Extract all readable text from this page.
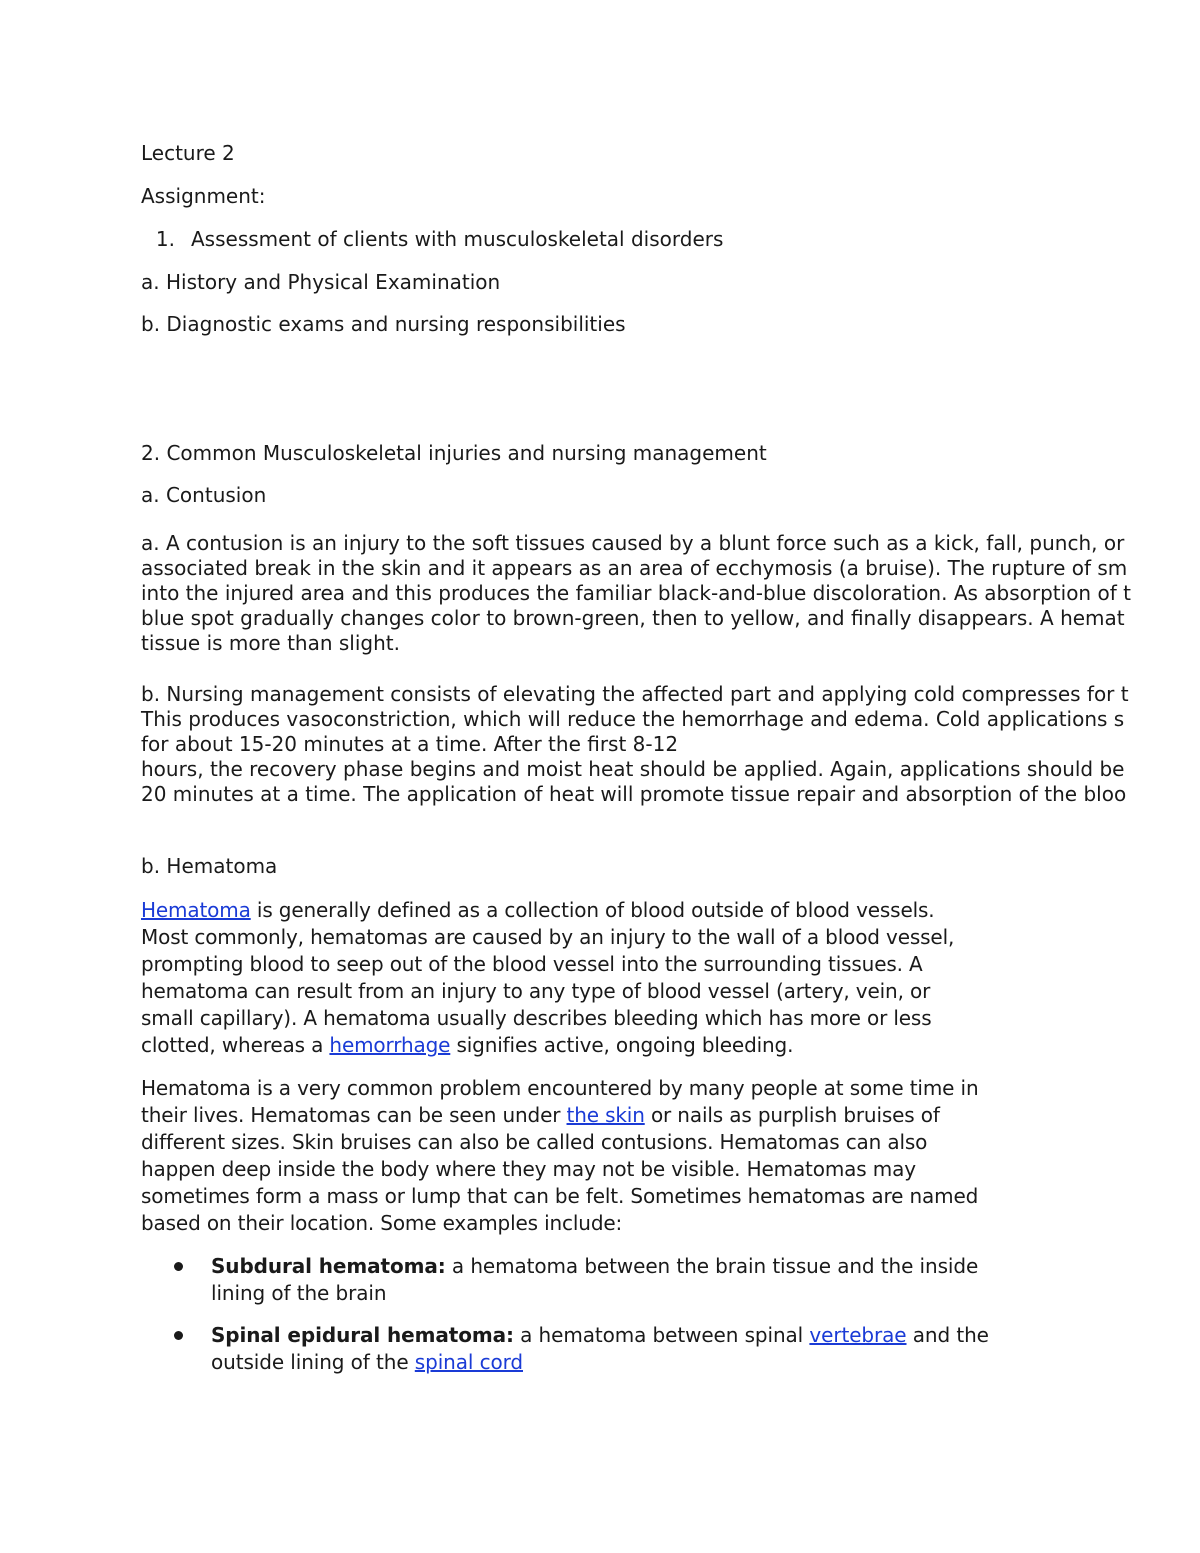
Lecture 2
Assignment:
1. Assessment of clients with musculoskeletal disorders
a. History and Physical Examination
b. Diagnostic exams and nursing responsibilities
2. Common Musculoskeletal injuries and nursing management
a. Contusion
a. A contusion is an injury to the soft tissues caused by a blunt force such as a kick, fall, punch, or
associated break in the skin and it appears as an area of ecchymosis (a bruise). The rupture of sm
into the injured area and this produces the familiar black-and-blue discoloration. As absorption of t
blue spot gradually changes color to brown-green, then to yellow, and finally disappears. A hemat
tissue is more than slight.
b. Nursing management consists of elevating the affected part and applying cold compresses for t
This produces vasoconstriction, which will reduce the hemorrhage and edema. Cold applications s
for about 15-20 minutes at a time. After the first 8-12
hours, the recovery phase begins and moist heat should be applied. Again, applications should be
20 minutes at a time. The application of heat will promote tissue repair and absorption of the bloo
b. Hematoma
Hematoma is generally defined as a collection of blood outside of blood vessels.
Most commonly, hematomas are caused by an injury to the wall of a blood vessel,
prompting blood to seep out of the blood vessel into the surrounding tissues. A
hematoma can result from an injury to any type of blood vessel (artery, vein, or
small capillary). A hematoma usually describes bleeding which has more or less
clotted, whereas a hemorrhage signifies active, ongoing bleeding.
Hematoma is a very common problem encountered by many people at some time in
their lives. Hematomas can be seen under the skin or nails as purplish bruises of
different sizes. Skin bruises can also be called contusions. Hematomas can also
happen deep inside the body where they may not be visible. Hematomas may
sometimes form a mass or lump that can be felt. Sometimes hematomas are named
based on their location. Some examples include:
Subdural hematoma: a hematoma between the brain tissue and the inside
lining of the brain
Spinal epidural hematoma: a hematoma between spinal vertebrae and the
outside lining of the spinal cord
